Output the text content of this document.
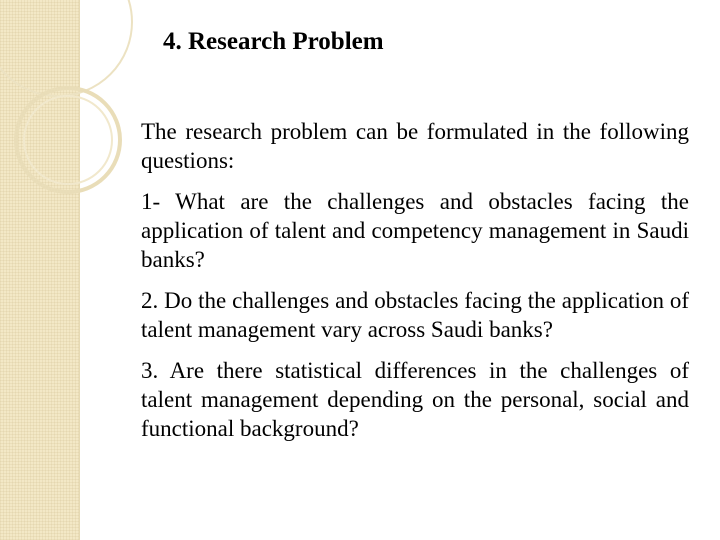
4. Research Problem

The research problem can be formulated in the following questions:

1- What are the challenges and obstacles facing the application of talent and competency management in Saudi banks?

2. Do the challenges and obstacles facing the application of talent management vary across Saudi banks?

3. Are there statistical differences in the challenges of talent management depending on the personal, social and functional background?
